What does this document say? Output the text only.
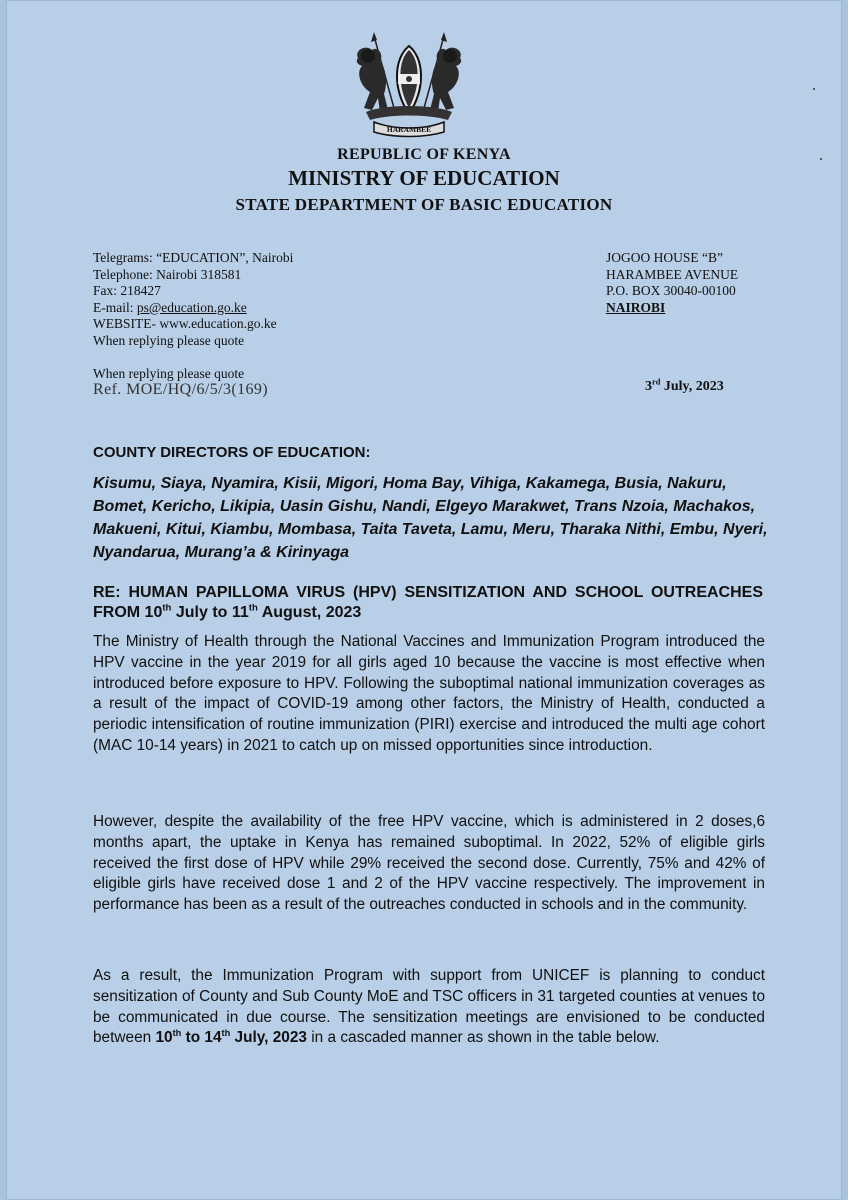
HARAMBEE
REPUBLIC OF KENYA
MINISTRY OF EDUCATION
STATE DEPARTMENT OF BASIC EDUCATION
Telegrams: “EDUCATION”, Nairobi
Telephone: Nairobi 318581
Fax: 218427
E-mail: ps@education.go.ke
WEBSITE- www.education.go.ke
When replying please quote
JOGOO HOUSE “B”
HARAMBEE AVENUE
P.O. BOX 30040-00100
NAIROBI
When replying please quote
Ref. MOE/HQ/6/5/3(169)	3rd July, 2023
COUNTY DIRECTORS OF EDUCATION:
Kisumu, Siaya, Nyamira, Kisii, Migori, Homa Bay, Vihiga, Kakamega, Busia, Nakuru, Bomet, Kericho, Likipia, Uasin Gishu, Nandi, Elgeyo Marakwet, Trans Nzoia, Machakos, Makueni, Kitui, Kiambu, Mombasa, Taita Taveta, Lamu, Meru, Tharaka Nithi, Embu, Nyeri, Nyandarua, Murang’a & Kirinyaga
RE: HUMAN PAPILLOMA VIRUS (HPV) SENSITIZATION AND SCHOOL OUTREACHES FROM 10th July to 11th August, 2023
The Ministry of Health through the National Vaccines and Immunization Program introduced the HPV vaccine in the year 2019 for all girls aged 10 because the vaccine is most effective when introduced before exposure to HPV. Following the suboptimal national immunization coverages as a result of the impact of COVID-19 among other factors, the Ministry of Health, conducted a periodic intensification of routine immunization (PIRI) exercise and introduced the multi age cohort (MAC 10-14 years) in 2021 to catch up on missed opportunities since introduction.
However, despite the availability of the free HPV vaccine, which is administered in 2 doses,6 months apart, the uptake in Kenya has remained suboptimal. In 2022, 52% of eligible girls received the first dose of HPV while 29% received the second dose. Currently, 75% and 42% of eligible girls have received dose 1 and 2 of the HPV vaccine respectively. The improvement in performance has been as a result of the outreaches conducted in schools and in the community.
As a result, the Immunization Program with support from UNICEF is planning to conduct sensitization of County and Sub County MoE and TSC officers in 31 targeted counties at venues to be communicated in due course. The sensitization meetings are envisioned to be conducted between 10th to 14th July, 2023 in a cascaded manner as shown in the table below.
